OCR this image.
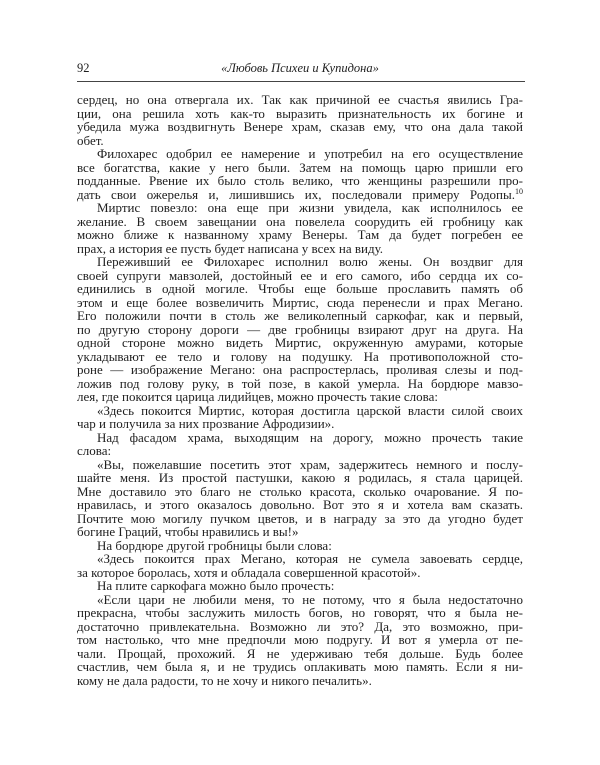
92	«Любовь Психеи и Купидона»
сердец, но она отвергала их. Так как причиной ее счастья явились Гра-
ции, она решила хоть как-то выразить признательность их богине и
убедила мужа воздвигнуть Венере храм, сказав ему, что она дала такой
обет.
Филохарес одобрил ее намерение и употребил на его осуществление
все богатства, какие у него были. Затем на помощь царю пришли его
подданные. Рвение их было столь велико, что женщины разрешили про-
дать свои ожерелья и, лишившись их, последовали примеру Родопы.$^{10}$
Миртис повезло: она еще при жизни увидела, как исполнилось ее
желание. В своем завещании она повелела соорудить ей гробницу как
можно ближе к названному храму Венеры. Там да будет погребен ее
прах, а история ее пусть будет написана у всех на виду.
Переживший ее Филохарес исполнил волю жены. Он воздвиг для
своей супруги мавзолей, достойный ее и его самого, ибо сердца их со-
единились в одной могиле. Чтобы еще больше прославить память об
этом и еще более возвеличить Миртис, сюда перенесли и прах Мегано.
Его положили почти в столь же великолепный саркофаг, как и первый,
по другую сторону дороги — две гробницы взирают друг на друга. На
одной стороне можно видеть Миртис, окруженную амурами, которые
укладывают ее тело и голову на подушку. На противоположной сто-
роне — изображение Мегано: она распростерлась, проливая слезы и под-
ложив под голову руку, в той позе, в какой умерла. На бордюре мавзо-
лея, где покоится царица лидийцев, можно прочесть такие слова:
«Здесь покоится Миртис, которая достигла царской власти силой своих
чар и получила за них прозвание Афродизии».
Над фасадом храма, выходящим на дорогу, можно прочесть такие
слова:
«Вы, пожелавшие посетить этот храм, задержитесь немного и послу-
шайте меня. Из простой пастушки, какою я родилась, я стала царицей.
Мне доставило это благо не столько красота, сколько очарование. Я по-
нравилась, и этого оказалось довольно. Вот это я и хотела вам сказать.
Почтите мою могилу пучком цветов, и в награду за это да угодно будет
богине Граций, чтобы нравились и вы!»
На бордюре другой гробницы были слова:
«Здесь покоится прах Мегано, которая не сумела завоевать сердце,
за которое боролась, хотя и обладала совершенной красотой».
На плите саркофага можно было прочесть:
«Если цари не любили меня, то не потому, что я была недостаточно
прекрасна, чтобы заслужить милость богов, но говорят, что я была не-
достаточно привлекательна. Возможно ли это? Да, это возможно, при-
том настолько, что мне предпочли мою подругу. И вот я умерла от пе-
чали. Прощай, прохожий. Я не удерживаю тебя дольше. Будь более
счастлив, чем была я, и не трудись оплакивать мою память. Если я ни-
кому не дала радости, то не хочу и никого печалить».
